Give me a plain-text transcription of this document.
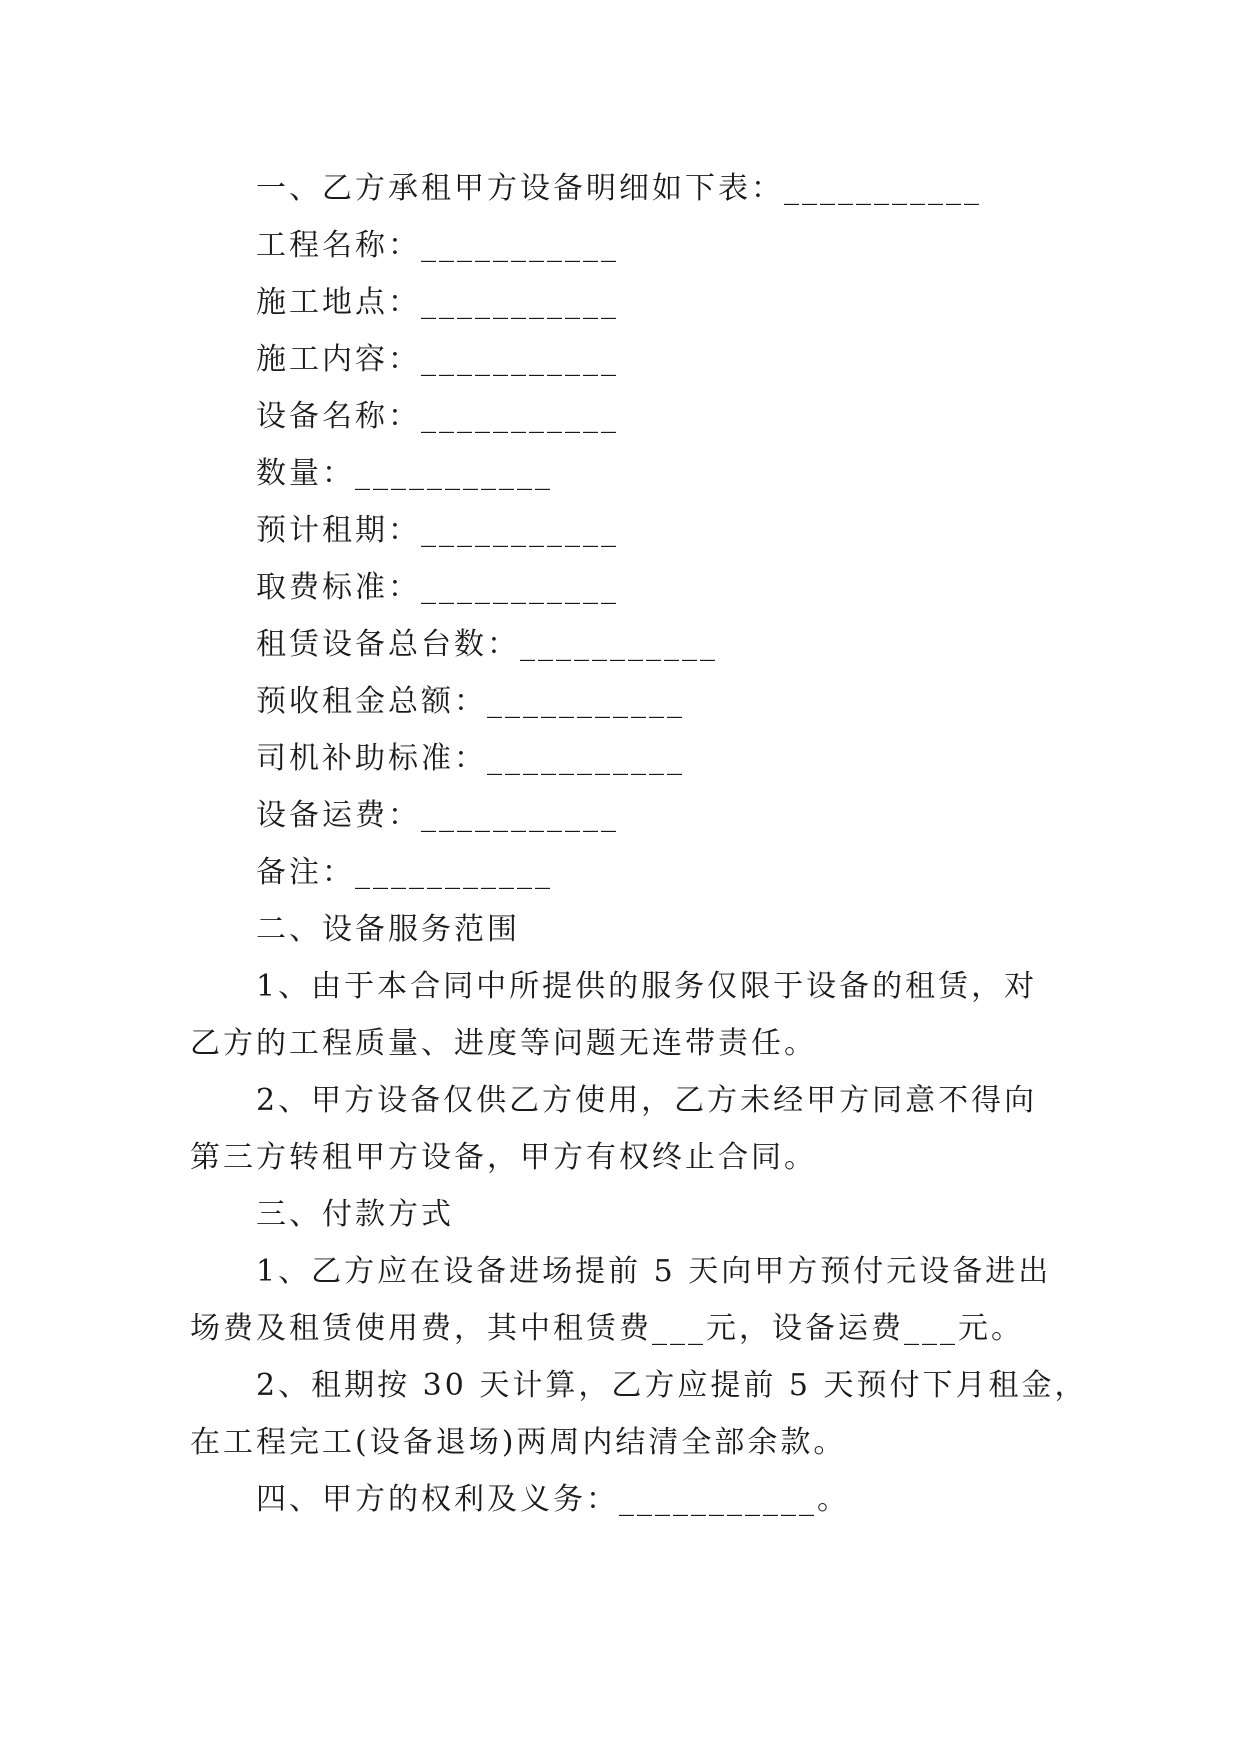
一、乙方承租甲方设备明细如下表：___________
工程名称：___________
施工地点：___________
施工内容：___________
设备名称：___________
数量：___________
预计租期：___________
取费标准：___________
租赁设备总台数：___________
预收租金总额：___________
司机补助标准：___________
设备运费：___________
备注：___________
二、设备服务范围
1、由于本合同中所提供的服务仅限于设备的租赁，对
乙方的工程质量、进度等问题无连带责任。
2、甲方设备仅供乙方使用，乙方未经甲方同意不得向
第三方转租甲方设备，甲方有权终止合同。
三、付款方式
1、乙方应在设备进场提前 5 天向甲方预付元设备进出
场费及租赁使用费，其中租赁费___元，设备运费___元。
2、租期按 30 天计算，乙方应提前 5 天预付下月租金，
在工程完工(设备退场)两周内结清全部余款。
四、甲方的权利及义务：___________。
